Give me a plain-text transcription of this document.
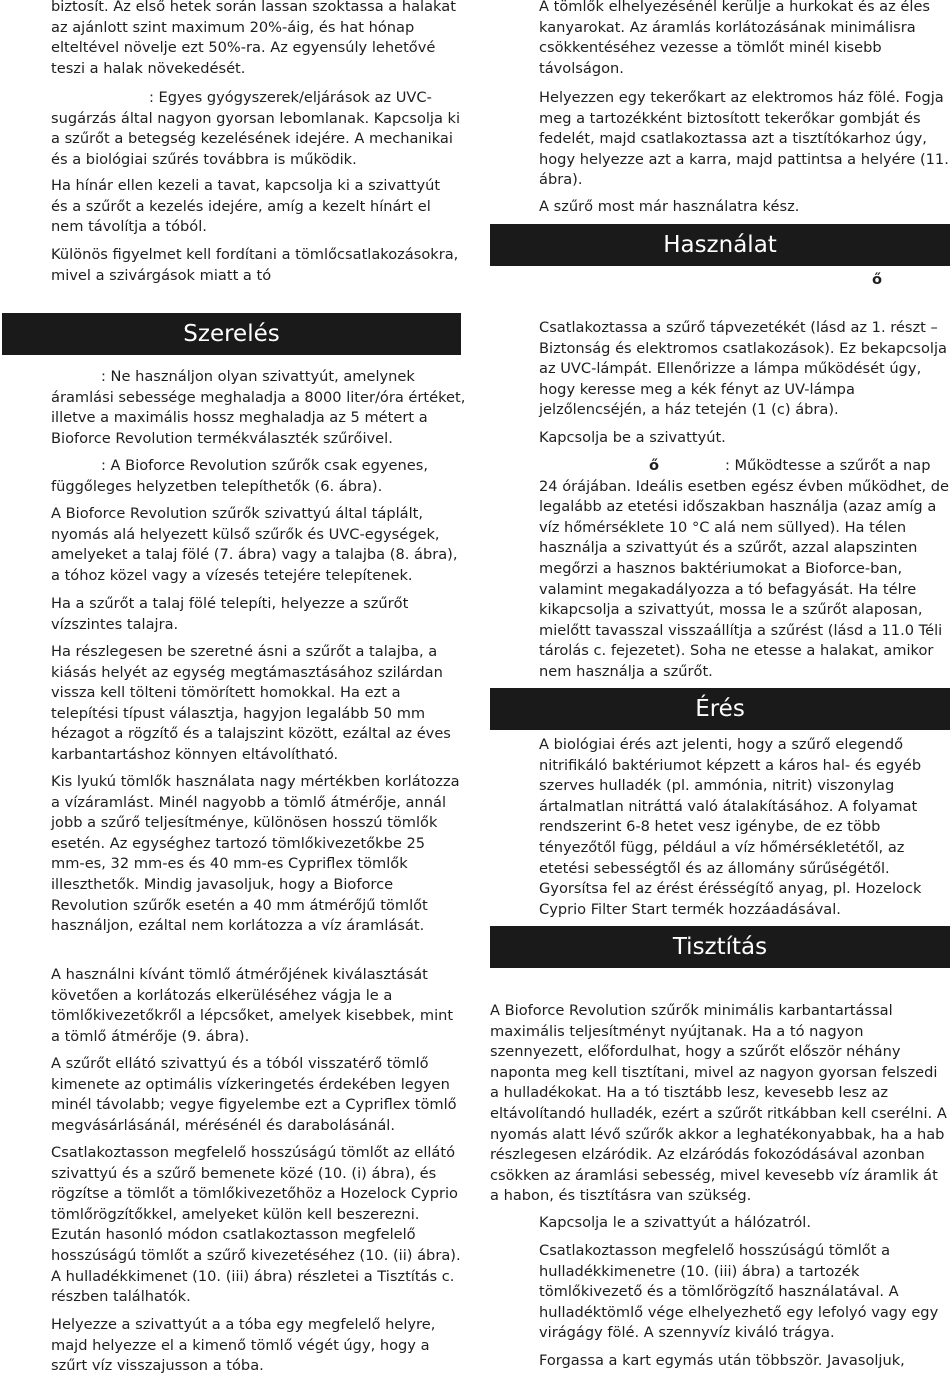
biztosít. Az első hetek során lassan szoktassa a halakat az ajánlott szint maximum 20%-áig, és hat hónap elteltével növelje ezt 50%-ra. Az egyensúly lehetővé teszi a halak növekedését.

: Egyes gyógyszerek/eljárások az UVC-sugárzás által nagyon gyorsan lebomlanak. Kapcsolja ki a szűrőt a betegség kezelésének idejére. A mechanikai és a biológiai szűrés továbbra is működik.

Ha hínár ellen kezeli a tavat, kapcsolja ki a szivattyút és a szűrőt a kezelés idejére, amíg a kezelt hínárt el nem távolítja a tóból.

Különös figyelmet kell fordítani a tömlőcsatlakozásokra, mivel a szivárgások miatt a tó

Szerelés

: Ne használjon olyan szivattyút, amelynek áramlási sebessége meghaladja a 8000 liter/óra értéket, illetve a maximális hossz meghaladja az 5 métert a Bioforce Revolution termékválaszték szűrőivel.

: A Bioforce Revolution szűrők csak egyenes, függőleges helyzetben telepíthetők (6. ábra).

A Bioforce Revolution szűrők szivattyú által táplált, nyomás alá helyezett külső szűrők és UVC-egységek, amelyeket a talaj fölé (7. ábra) vagy a talajba (8. ábra), a tóhoz közel vagy a vízesés tetejére telepítenek.

Ha a szűrőt a talaj fölé telepíti, helyezze a szűrőt vízszintes talajra.

Ha részlegesen be szeretné ásni a szűrőt a talajba, a kiásás helyét az egység megtámasztásához szilárdan vissza kell tölteni tömörített homokkal. Ha ezt a telepítési típust választja, hagyjon legalább 50 mm hézagot a rögzítő és a talajszint között, ezáltal az éves karbantartáshoz könnyen eltávolítható.

Kis lyukú tömlők használata nagy mértékben korlátozza a vízáramlást. Minél nagyobb a tömlő átmérője, annál jobb a szűrő teljesítménye, különösen hosszú tömlők esetén. Az egységhez tartozó tömlőkivezetőkbe 25 mm-es, 32 mm-es és 40 mm-es Cypriflex tömlők illeszthetők. Mindig javasoljuk, hogy a Bioforce Revolution szűrők esetén a 40 mm átmérőjű tömlőt használjon, ezáltal nem korlátozza a víz áramlását.

A használni kívánt tömlő átmérőjének kiválasztását követően a korlátozás elkerüléséhez vágja le a tömlőkivezetőkről a lépcsőket, amelyek kisebbek, mint a tömlő átmérője (9. ábra).

A szűrőt ellátó szivattyú és a tóból visszatérő tömlő kimenete az optimális vízkeringetés érdekében legyen minél távolabb; vegye figyelembe ezt a Cypriflex tömlő megvásárlásánál, mérésénél és darabolásánál.

Csatlakoztasson megfelelő hosszúságú tömlőt az ellátó szivattyú és a szűrő bemenete közé (10. (i) ábra), és rögzítse a tömlőt a tömlőkivezetőhöz a Hozelock Cyprio tömlőrögzítőkkel, amelyeket külön kell beszerezni. Ezután hasonló módon csatlakoztasson megfelelő hosszúságú tömlőt a szűrő kivezetéséhez (10. (ii) ábra). A hulladékkimenet (10. (iii) ábra) részletei a Tisztítás c. részben találhatók.

Helyezze a szivattyút a a tóba egy megfelelő helyre, majd helyezze el a kimenő tömlő végét úgy, hogy a szűrt víz visszajusson a tóba.

A tömlők elhelyezésénél kerülje a hurkokat és az éles kanyarokat. Az áramlás korlátozásának minimálisra csökkentéséhez vezesse a tömlőt minél kisebb távolságon.

Helyezzen egy tekerőkart az elektromos ház fölé. Fogja meg a tartozékként biztosított tekerőkar gombját és fedelét, majd csatlakoztassa azt a tisztítókarhoz úgy, hogy helyezze azt a karra, majd pattintsa a helyére (11. ábra).

A szűrő most már használatra kész.

Használat
ő

Csatlakoztassa a szűrő tápvezetékét (lásd az 1. részt – Biztonság és elektromos csatlakozások). Ez bekapcsolja az UVC-lámpát. Ellenőrizze a lámpa működését úgy, hogy keresse meg a kék fényt az UV-lámpa jelzőlencséjén, a ház tetején (1 (c) ábra).

Kapcsolja be a szivattyút.

ő	: Működtesse a szűrőt a nap 24 órájában. Ideális esetben egész évben működhet, de legalább az etetési időszakban használja (azaz amíg a víz hőmérséklete 10 °C alá nem süllyed). Ha télen használja a szivattyút és a szűrőt, azzal alapszinten megőrzi a hasznos baktériumokat a Bioforce-ban, valamint megakadályozza a tó befagyását. Ha télre kikapcsolja a szivattyút, mossa le a szűrőt alaposan, mielőtt tavasszal visszaállítja a szűrést (lásd a 11.0 Téli tárolás c. fejezetet). Soha ne etesse a halakat, amikor nem használja a szűrőt.

Érés

A biológiai érés azt jelenti, hogy a szűrő elegendő nitrifikáló baktériumot képzett a káros hal- és egyéb szerves hulladék (pl. ammónia, nitrit) viszonylag ártalmatlan nitráttá való átalakításához. A folyamat rendszerint 6-8 hetet vesz igénybe, de ez több tényezőtől függ, például a víz hőmérsékletétől, az etetési sebességtől és az állomány sűrűségétől. Gyorsítsa fel az érést érésségítő anyag, pl. Hozelock Cyprio Filter Start termék hozzáadásával.

Tisztítás

A Bioforce Revolution szűrők minimális karbantartással maximális teljesítményt nyújtanak. Ha a tó nagyon szennyezett, előfordulhat, hogy a szűrőt először néhány naponta meg kell tisztítani, mivel az nagyon gyorsan felszedi a hulladékokat. Ha a tó tisztább lesz, kevesebb lesz az eltávolítandó hulladék, ezért a szűrőt ritkábban kell cserélni. A nyomás alatt lévő szűrők akkor a leghatékonyabbak, ha a hab részlegesen elzáródik. Az elzáródás fokozódásával azonban csökken az áramlási sebesség, mivel kevesebb víz áramlik át a habon, és tisztításra van szükség.

Kapcsolja le a szivattyút a hálózatról.

Csatlakoztasson megfelelő hosszúságú tömlőt a hulladékkimenetre (10. (iii) ábra) a tartozék tömlőkivezető és a tömlőrögzítő használatával. A hulladéktömlő vége elhelyezhető egy lefolyó vagy egy virágágy fölé. A szennyvíz kiváló trágya.

Forgassa a kart egymás után többször. Javasoljuk,
